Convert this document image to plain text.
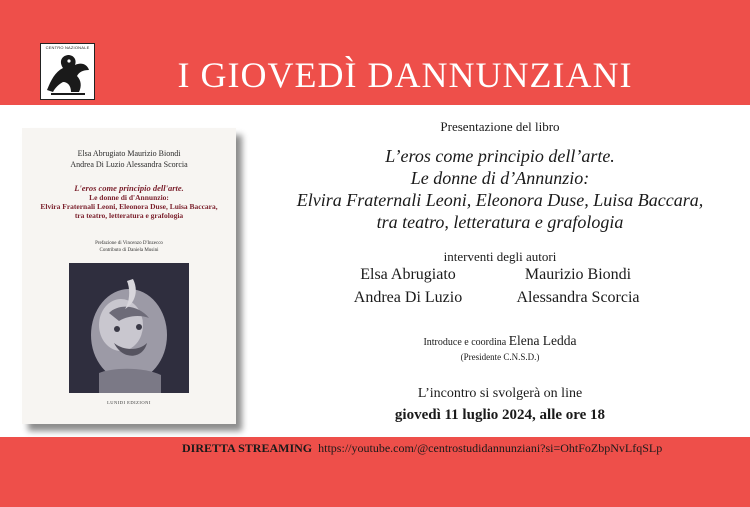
CENTRO NAZIONALE
I GIOVEDÌ DANNUNZIANI
Elsa Abrugiato Maurizio Biondi
Andrea Di Luzio Alessandra Scorcia
L'eros come principio dell'arte.
Le donne di d'Annunzio:
Elvira Fraternali Leoni, Eleonora Duse, Luisa Baccara,
tra teatro, letteratura e grafologia
Prefazione di Vincenzo D'Inzecco
Contributo di Daniela Musini
LUNIDI EDIZIONI
Presentazione del libro
L’eros come principio dell’arte.
Le donne di d’Annunzio:
Elvira Fraternali Leoni, Eleonora Duse, Luisa Baccara,
tra teatro, letteratura e grafologia
interventi degli autori
Elsa Abrugiato	Maurizio Biondi
Andrea Di Luzio	Alessandra Scorcia
Introduce e coordina Elena Ledda
(Presidente C.N.S.D.)
L’incontro si svolgerà on line
giovedì 11 luglio 2024, alle ore 18
DIRETTA STREAMING https://youtube.com/@centrostudidannunziani?si=OhtFoZbpNvLfqSLp
